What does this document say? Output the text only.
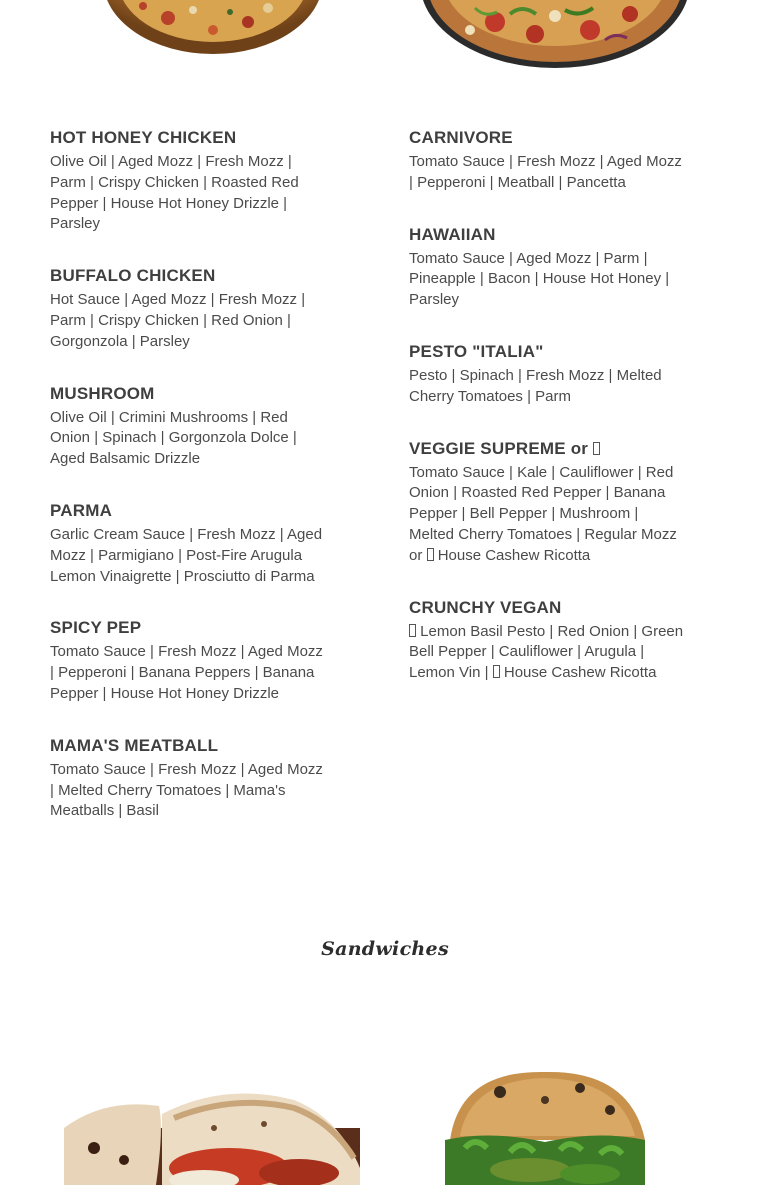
HOT HONEY CHICKEN
Olive Oil | Aged Mozz | Fresh Mozz | Parm | Crispy Chicken | Roasted Red Pepper | House Hot Honey Drizzle | Parsley
BUFFALO CHICKEN
Hot Sauce | Aged Mozz | Fresh Mozz | Parm | Crispy Chicken | Red Onion | Gorgonzola | Parsley
MUSHROOM
Olive Oil | Crimini Mushrooms | Red Onion | Spinach | Gorgonzola Dolce | Aged Balsamic Drizzle
PARMA
Garlic Cream Sauce | Fresh Mozz | Aged Mozz | Parmigiano | Post-Fire Arugula Lemon Vinaigrette | Prosciutto di Parma
SPICY PEP
Tomato Sauce | Fresh Mozz | Aged Mozz | Pepperoni | Banana Peppers | Banana Pepper | House Hot Honey Drizzle
MAMA'S MEATBALL
Tomato Sauce | Fresh Mozz | Aged Mozz | Melted Cherry Tomatoes | Mama's Meatballs | Basil
CARNIVORE
Tomato Sauce | Fresh Mozz | Aged Mozz | Pepperoni | Meatball | Pancetta
HAWAIIAN
Tomato Sauce | Aged Mozz | Parm | Pineapple | Bacon | House Hot Honey | Parsley
PESTO "ITALIA"
Pesto | Spinach | Fresh Mozz | Melted Cherry Tomatoes | Parm
VEGGIE SUPREME or
Tomato Sauce | Kale | Cauliflower | Red Onion | Roasted Red Pepper | Banana Pepper | Bell Pepper | Mushroom | Melted Cherry Tomatoes | Regular Mozz or House Cashew Ricotta
CRUNCHY VEGAN
Lemon Basil Pesto | Red Onion | Green Bell Pepper | Cauliflower | Arugula | Lemon Vin | House Cashew Ricotta
Sandwiches
